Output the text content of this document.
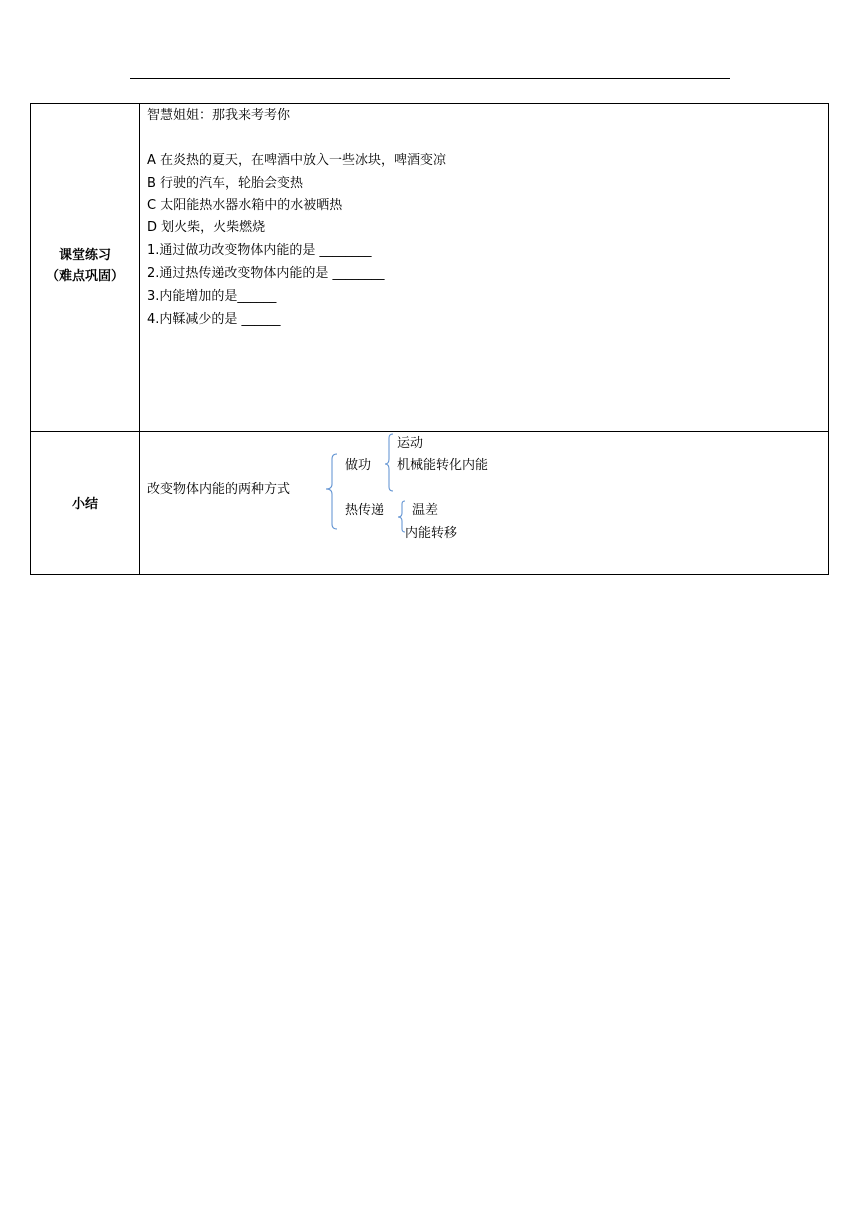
课堂练习
（难点巩固）
智慧姐姐：那我来考考你
A 在炎热的夏天，在啤酒中放入一些冰块，啤酒变凉
B 行驶的汽车，轮胎会变热
C 太阳能热水器水箱中的水被晒热
D 划火柴，火柴燃烧
1.通过做功改变物体内能的是 ________
2.通过热传递改变物体内能的是 ________
3.内能增加的是______
4.内鞣减少的是 ______
小结
改变物体内能的两种方式
做功
运动
机械能转化内能
热传递 温差
内能转移
